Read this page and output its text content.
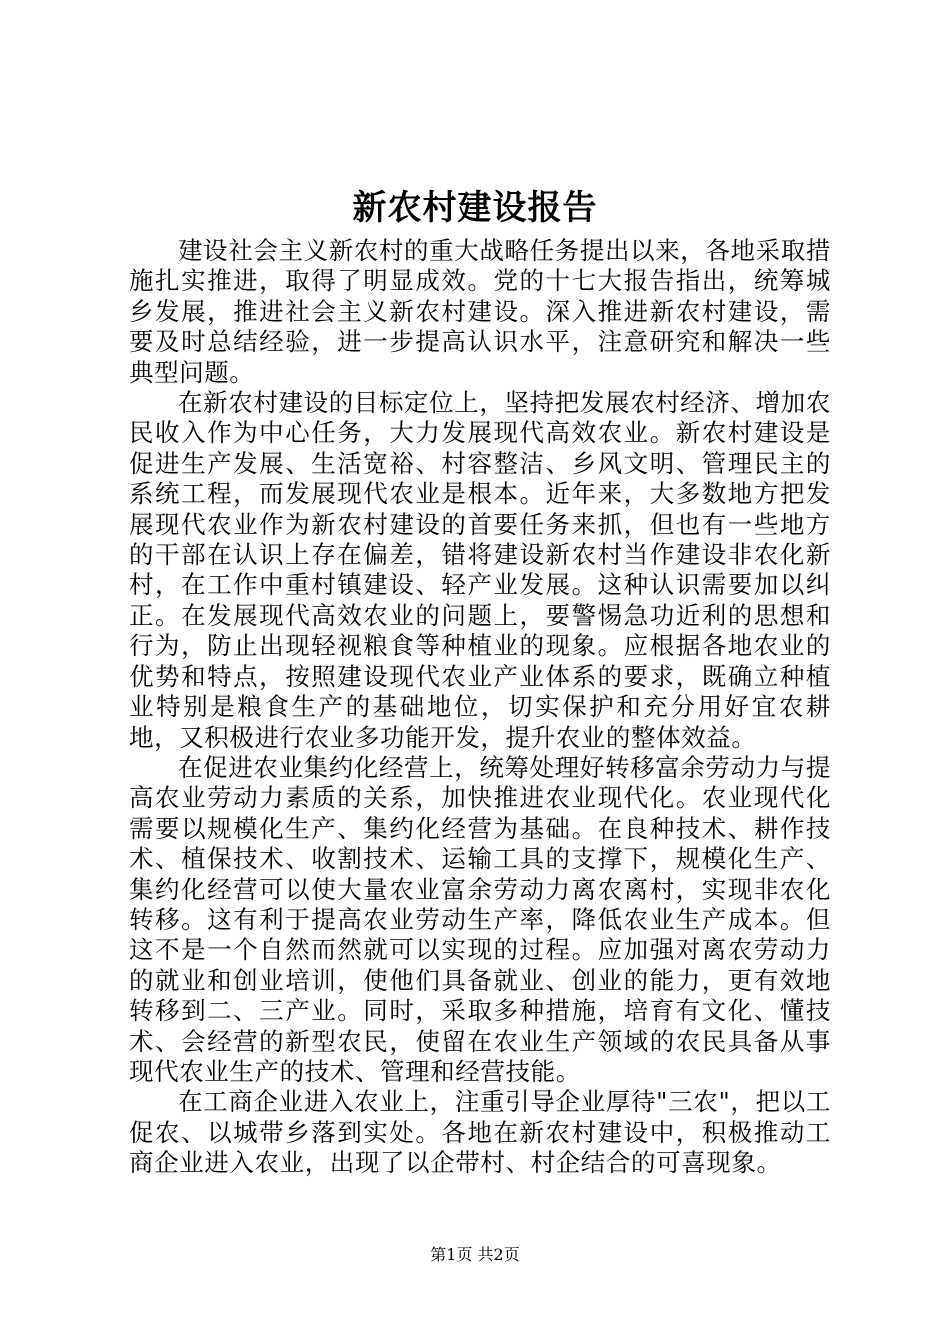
新农村建设报告

建设社会主义新农村的重大战略任务提出以来，各地采取措施扎实推进，取得了明显成效。党的十七大报告指出，统筹城乡发展，推进社会主义新农村建设。深入推进新农村建设，需要及时总结经验，进一步提高认识水平，注意研究和解决一些典型问题。

在新农村建设的目标定位上，坚持把发展农村经济、增加农民收入作为中心任务，大力发展现代高效农业。新农村建设是促进生产发展、生活宽裕、村容整洁、乡风文明、管理民主的系统工程，而发展现代农业是根本。近年来，大多数地方把发展现代农业作为新农村建设的首要任务来抓，但也有一些地方的干部在认识上存在偏差，错将建设新农村当作建设非农化新村，在工作中重村镇建设、轻产业发展。这种认识需要加以纠正。在发展现代高效农业的问题上，要警惕急功近利的思想和行为，防止出现轻视粮食等种植业的现象。应根据各地农业的优势和特点，按照建设现代农业产业体系的要求，既确立种植业特别是粮食生产的基础地位，切实保护和充分用好宜农耕地，又积极进行农业多功能开发，提升农业的整体效益。

在促进农业集约化经营上，统筹处理好转移富余劳动力与提高农业劳动力素质的关系，加快推进农业现代化。农业现代化需要以规模化生产、集约化经营为基础。在良种技术、耕作技术、植保技术、收割技术、运输工具的支撑下，规模化生产、集约化经营可以使大量农业富余劳动力离农离村，实现非农化转移。这有利于提高农业劳动生产率，降低农业生产成本。但这不是一个自然而然就可以实现的过程。应加强对离农劳动力的就业和创业培训，使他们具备就业、创业的能力，更有效地转移到二、三产业。同时，采取多种措施，培育有文化、懂技术、会经营的新型农民，使留在农业生产领域的农民具备从事现代农业生产的技术、管理和经营技能。

在工商企业进入农业上，注重引导企业厚待"三农"，把以工促农、以城带乡落到实处。各地在新农村建设中，积极推动工商企业进入农业，出现了以企带村、村企结合的可喜现象。

第1页 共2页
